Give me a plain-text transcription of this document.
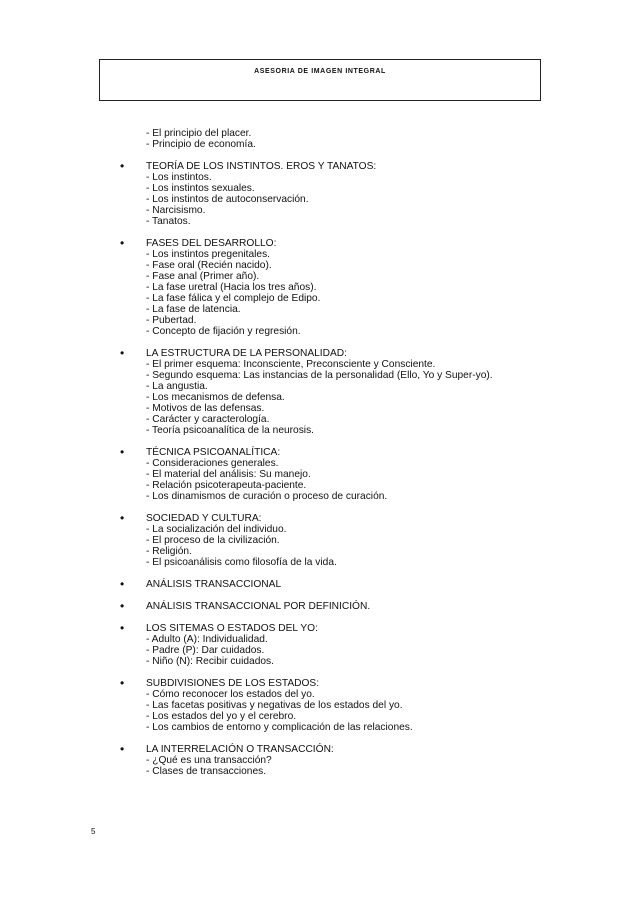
ASESORIA DE IMAGEN INTEGRAL
- El principio del placer.
- Principio de economía.
•
TEORÍA DE LOS INSTINTOS. EROS Y TANATOS:
- Los instintos.
- Los instintos sexuales.
- Los instintos de autoconservación.
- Narcisismo.
- Tanatos.
•
FASES DEL DESARROLLO:
- Los instintos pregenitales.
- Fase oral (Recién nacido).
- Fase anal (Primer año).
- La fase uretral (Hacia los tres años).
- La fase fálica y el complejo de Edipo.
- La fase de latencia.
- Pubertad.
- Concepto de fijación y regresión.
•
LA ESTRUCTURA DE LA PERSONALIDAD:
- El primer esquema: Inconsciente, Preconsciente y Consciente.
- Segundo esquema: Las instancias de la personalidad (Ello, Yo y Super-yo).
- La angustia.
- Los mecanismos de defensa.
- Motivos de las defensas.
- Carácter y caracterología.
- Teoría psicoanalítica de la neurosis.
•
TÉCNICA PSICOANALÍTICA:
- Consideraciones generales.
- El material del análisis: Su manejo.
- Relación psicoterapeuta-paciente.
- Los dinamismos de curación o proceso de curación.
•
SOCIEDAD Y CULTURA:
- La socialización del individuo.
- El proceso de la civilización.
- Religión.
- El psicoanálisis como filosofía de la vida.
•
ANÁLISIS TRANSACCIONAL
•
ANÁLISIS TRANSACCIONAL POR DEFINICIÓN.
•
LOS SITEMAS O ESTADOS DEL YO:
- Adulto (A): Individualidad.
- Padre (P): Dar cuidados.
- Niño (N): Recibir cuidados.
•
SUBDIVISIONES DE LOS ESTADOS:
- Cómo reconocer los estados del yo.
- Las facetas positivas y negativas de los estados del yo.
- Los estados del yo y el cerebro.
- Los cambios de entorno y complicación de las relaciones.
•
LA INTERRELACIÓN O TRANSACCIÓN:
- ¿Qué es una transacción?
- Clases de transacciones.
5
